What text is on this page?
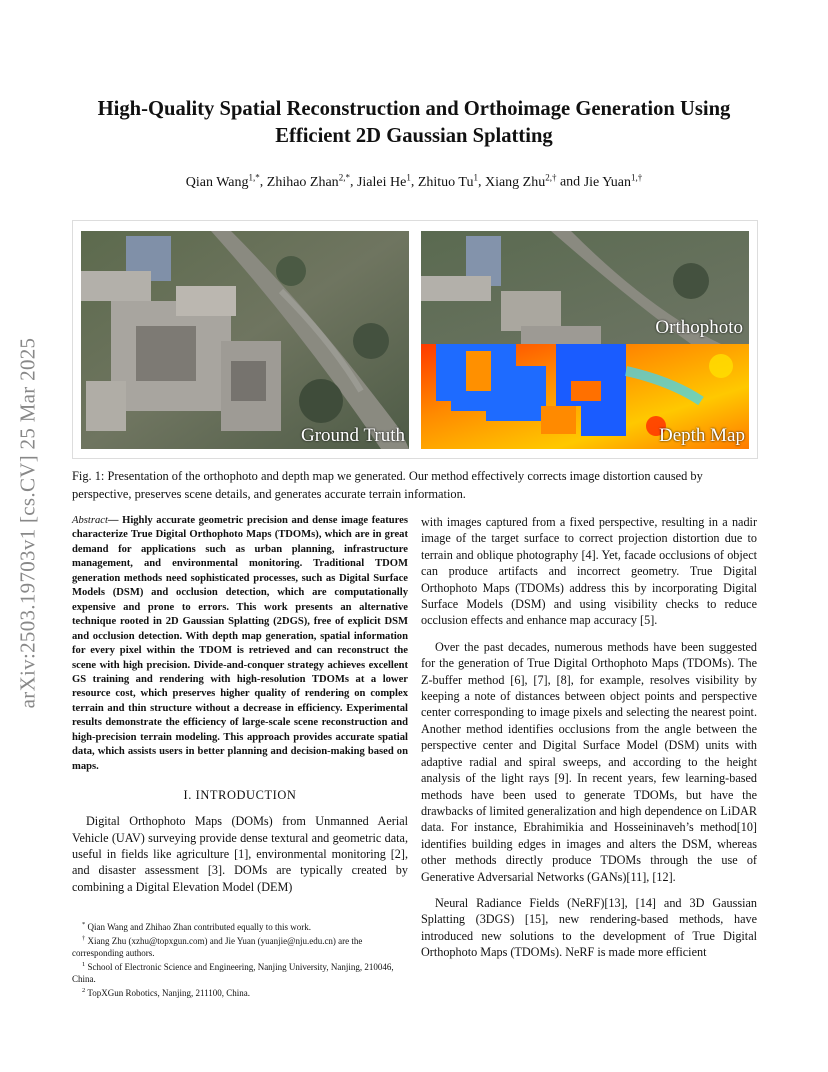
arXiv:2503.19703v1 [cs.CV] 25 Mar 2025
High-Quality Spatial Reconstruction and Orthoimage Generation Using
Efficient 2D Gaussian Splatting
Qian Wang$^{1,*}$, Zhihao Zhan$^{2,*}$, Jialei He$^1$, Zhituo Tu$^1$, Xiang Zhu$^{2,\dagger}$ and Jie Yuan$^{1,\dagger}$
Ground Truth
Orthophoto
Depth Map
Fig. 1: Presentation of the orthophoto and depth map we generated. Our method effectively corrects image distortion caused by perspective, preserves scene details, and generates accurate terrain information.
Abstract— Highly accurate geometric precision and dense image features characterize True Digital Orthophoto Maps (TDOMs), which are in great demand for applications such as urban planning, infrastructure management, and environmental monitoring. Traditional TDOM generation methods need sophisticated processes, such as Digital Surface Models (DSM) and occlusion detection, which are computationally expensive and prone to errors. This work presents an alternative technique rooted in 2D Gaussian Splatting (2DGS), free of explicit DSM and occlusion detection. With depth map generation, spatial information for every pixel within the TDOM is retrieved and can reconstruct the scene with high precision. Divide-and-conquer strategy achieves excellent GS training and rendering with high-resolution TDOMs at a lower resource cost, which preserves higher quality of rendering on complex terrain and thin structure without a decrease in efficiency. Experimental results demonstrate the efficiency of large-scale scene reconstruction and high-precision terrain modeling. This approach provides accurate spatial data, which assists users in better planning and decision-making based on maps.
I. INTRODUCTION

Digital Orthophoto Maps (DOMs) from Unmanned Aerial Vehicle (UAV) surveying provide dense textural and geometric data, useful in fields like agriculture [1], environmental monitoring [2], and disaster assessment [3]. DOMs are typically created by combining a Digital Elevation Model (DEM)

* Qian Wang and Zhihao Zhan contributed equally to this work.
† Xiang Zhu (xzhu@topxgun.com) and Jie Yuan (yuanjie@nju.edu.cn) are the corresponding authors.
$^1$ School of Electronic Science and Engineering, Nanjing University, Nanjing, 210046, China.
$^2$ TopXGun Robotics, Nanjing, 211100, China.

with images captured from a fixed perspective, resulting in a nadir image of the target surface to correct projection distortion due to terrain and oblique photography [4]. Yet, facade occlusions of object can produce artifacts and incorrect geometry. True Digital Orthophoto Maps (TDOMs) address this by incorporating Digital Surface Models (DSM) and using visibility checks to reduce occlusion effects and enhance map accuracy [5].

Over the past decades, numerous methods have been suggested for the generation of True Digital Orthophoto Maps (TDOMs). The Z-buffer method [6], [7], [8], for example, resolves visibility by keeping a note of distances between object points and perspective center corresponding to image pixels and selecting the nearest point. Another method identifies occlusions from the angle between the perspective center and Digital Surface Model (DSM) units with adaptive radial and spiral sweeps, and according to the height analysis of the light rays [9]. In recent years, few learning-based methods have been used to generate TDOMs, but have the drawbacks of limited generalization and high dependence on LiDAR data. For instance, Ebrahimikia and Hosseininaveh’s method[10] identifies building edges in images and alters the DSM, whereas other methods directly produce TDOMs through the use of Generative Adversarial Networks (GANs)[11], [12].

Neural Radiance Fields (NeRF)[13], [14] and 3D Gaussian Splatting (3DGS) [15], new rendering-based methods, have introduced new solutions to the development of True Digital Orthophoto Maps (TDOMs). NeRF is made more efficient
